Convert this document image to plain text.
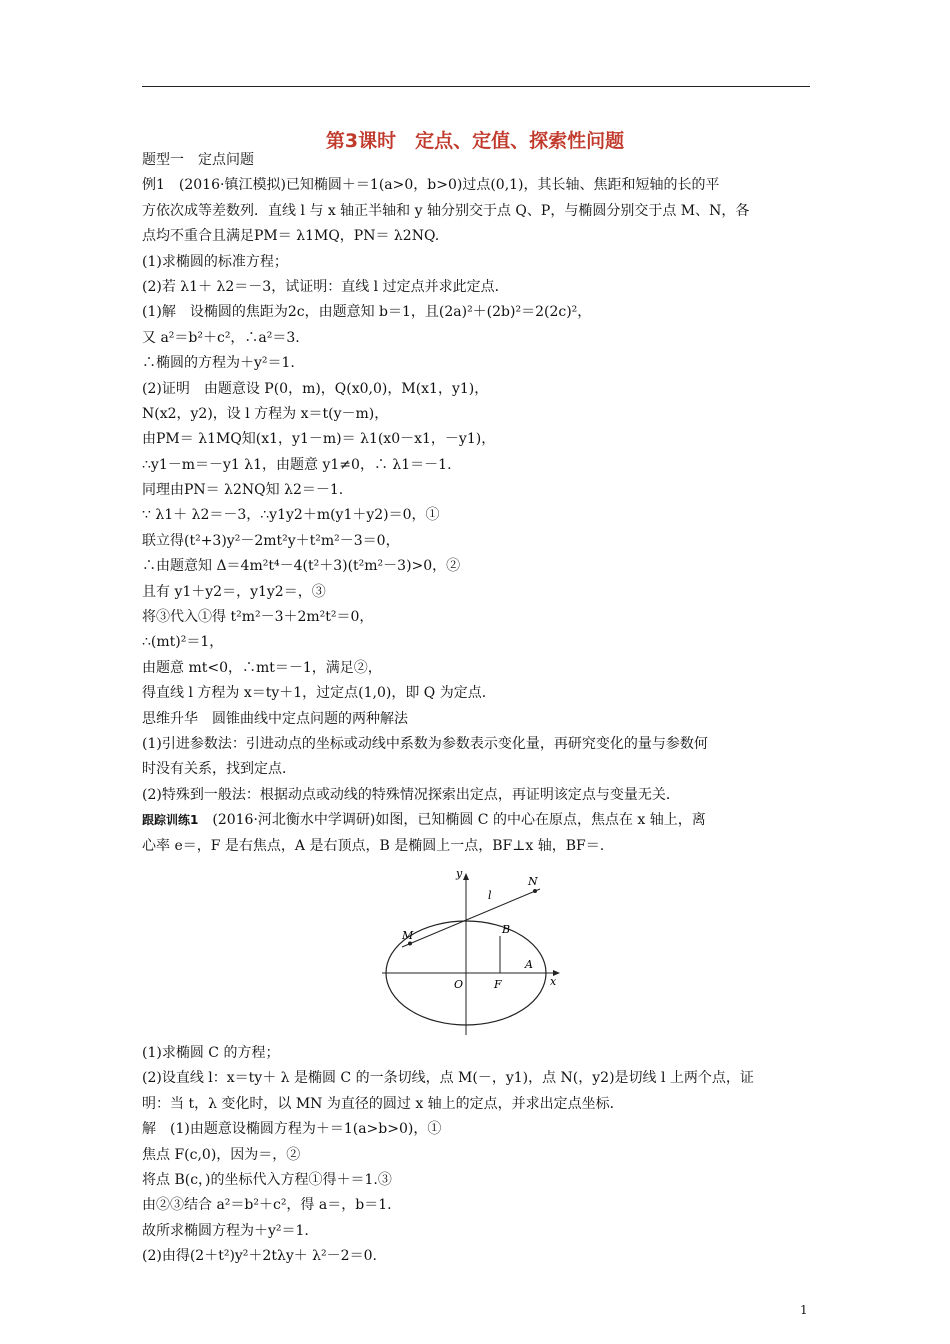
第3课时　定点、定值、探索性问题
题型一　定点问题
例1　(2016·镇江模拟)已知椭圆＋＝1(a>0，b>0)过点(0,1)，其长轴、焦距和短轴的长的平
方依次成等差数列．直线 l 与 x 轴正半轴和 y 轴分别交于点 Q、P，与椭圆分别交于点 M、N，各
点均不重合且满足PM＝ λ1MQ，PN＝ λ2NQ.
(1)求椭圆的标准方程；
(2)若 λ1＋ λ2＝－3，试证明：直线 l 过定点并求此定点．
(1)解　设椭圆的焦距为2c，由题意知 b＝1，且(2a)²＋(2b)²＝2(2c)²，
又 a²＝b²＋c²，∴a²＝3.
∴椭圆的方程为＋y²＝1.
(2)证明　由题意设 P(0，m)，Q(x0,0)，M(x1，y1)，
N(x2，y2)，设 l 方程为 x＝t(y－m)，
由PM＝ λ1MQ知(x1，y1－m)＝ λ1(x0－x1，－y1)，
∴y1－m＝－y1 λ1，由题意 y1≠0，∴ λ1＝－1.
同理由PN＝ λ2NQ知 λ2＝－1.
∵ λ1＋ λ2＝－3，∴y1y2＋m(y1＋y2)＝0，①
联立得(t²+3)y²－2mt²y＋t²m²－3＝0，
∴由题意知 Δ＝4m²t⁴－4(t²＋3)(t²m²－3)>0，②
且有 y1＋y2＝，y1y2＝，③
将③代入①得 t²m²－3＋2m²t²＝0，
∴(mt)²＝1，
由题意 mt<0，∴mt＝－1，满足②，
得直线 l 方程为 x＝ty＋1，过定点(1,0)，即 Q 为定点．
思维升华　圆锥曲线中定点问题的两种解法
(1)引进参数法：引进动点的坐标或动线中系数为参数表示变化量，再研究变化的量与参数何
时没有关系，找到定点．
(2)特殊到一般法：根据动点或动线的特殊情况探索出定点，再证明该定点与变量无关．
跟踪训练1　(2016·河北衡水中学调研)如图，已知椭圆 C 的中心在原点，焦点在 x 轴上，离
心率 e＝，F 是右焦点，A 是右顶点，B 是椭圆上一点，BF⊥x 轴，BF＝.
y
x
O	F
A
B
M
N
l
(1)求椭圆 C 的方程；
(2)设直线 l：x＝ty＋ λ 是椭圆 C 的一条切线，点 M(－，y1)，点 N(，y2)是切线 l 上两个点，证
明：当 t，λ 变化时，以 MN 为直径的圆过 x 轴上的定点，并求出定点坐标．
解　(1)由题意设椭圆方程为＋＝1(a>b>0)，①
焦点 F(c,0)，因为＝，②
将点 B(c，)的坐标代入方程①得＋＝1.③
由②③结合 a²＝b²＋c²，得 a＝，b＝1.
故所求椭圆方程为＋y²＝1.
(2)由得(2＋t²)y²＋2tλy＋ λ²－2＝0.
1
